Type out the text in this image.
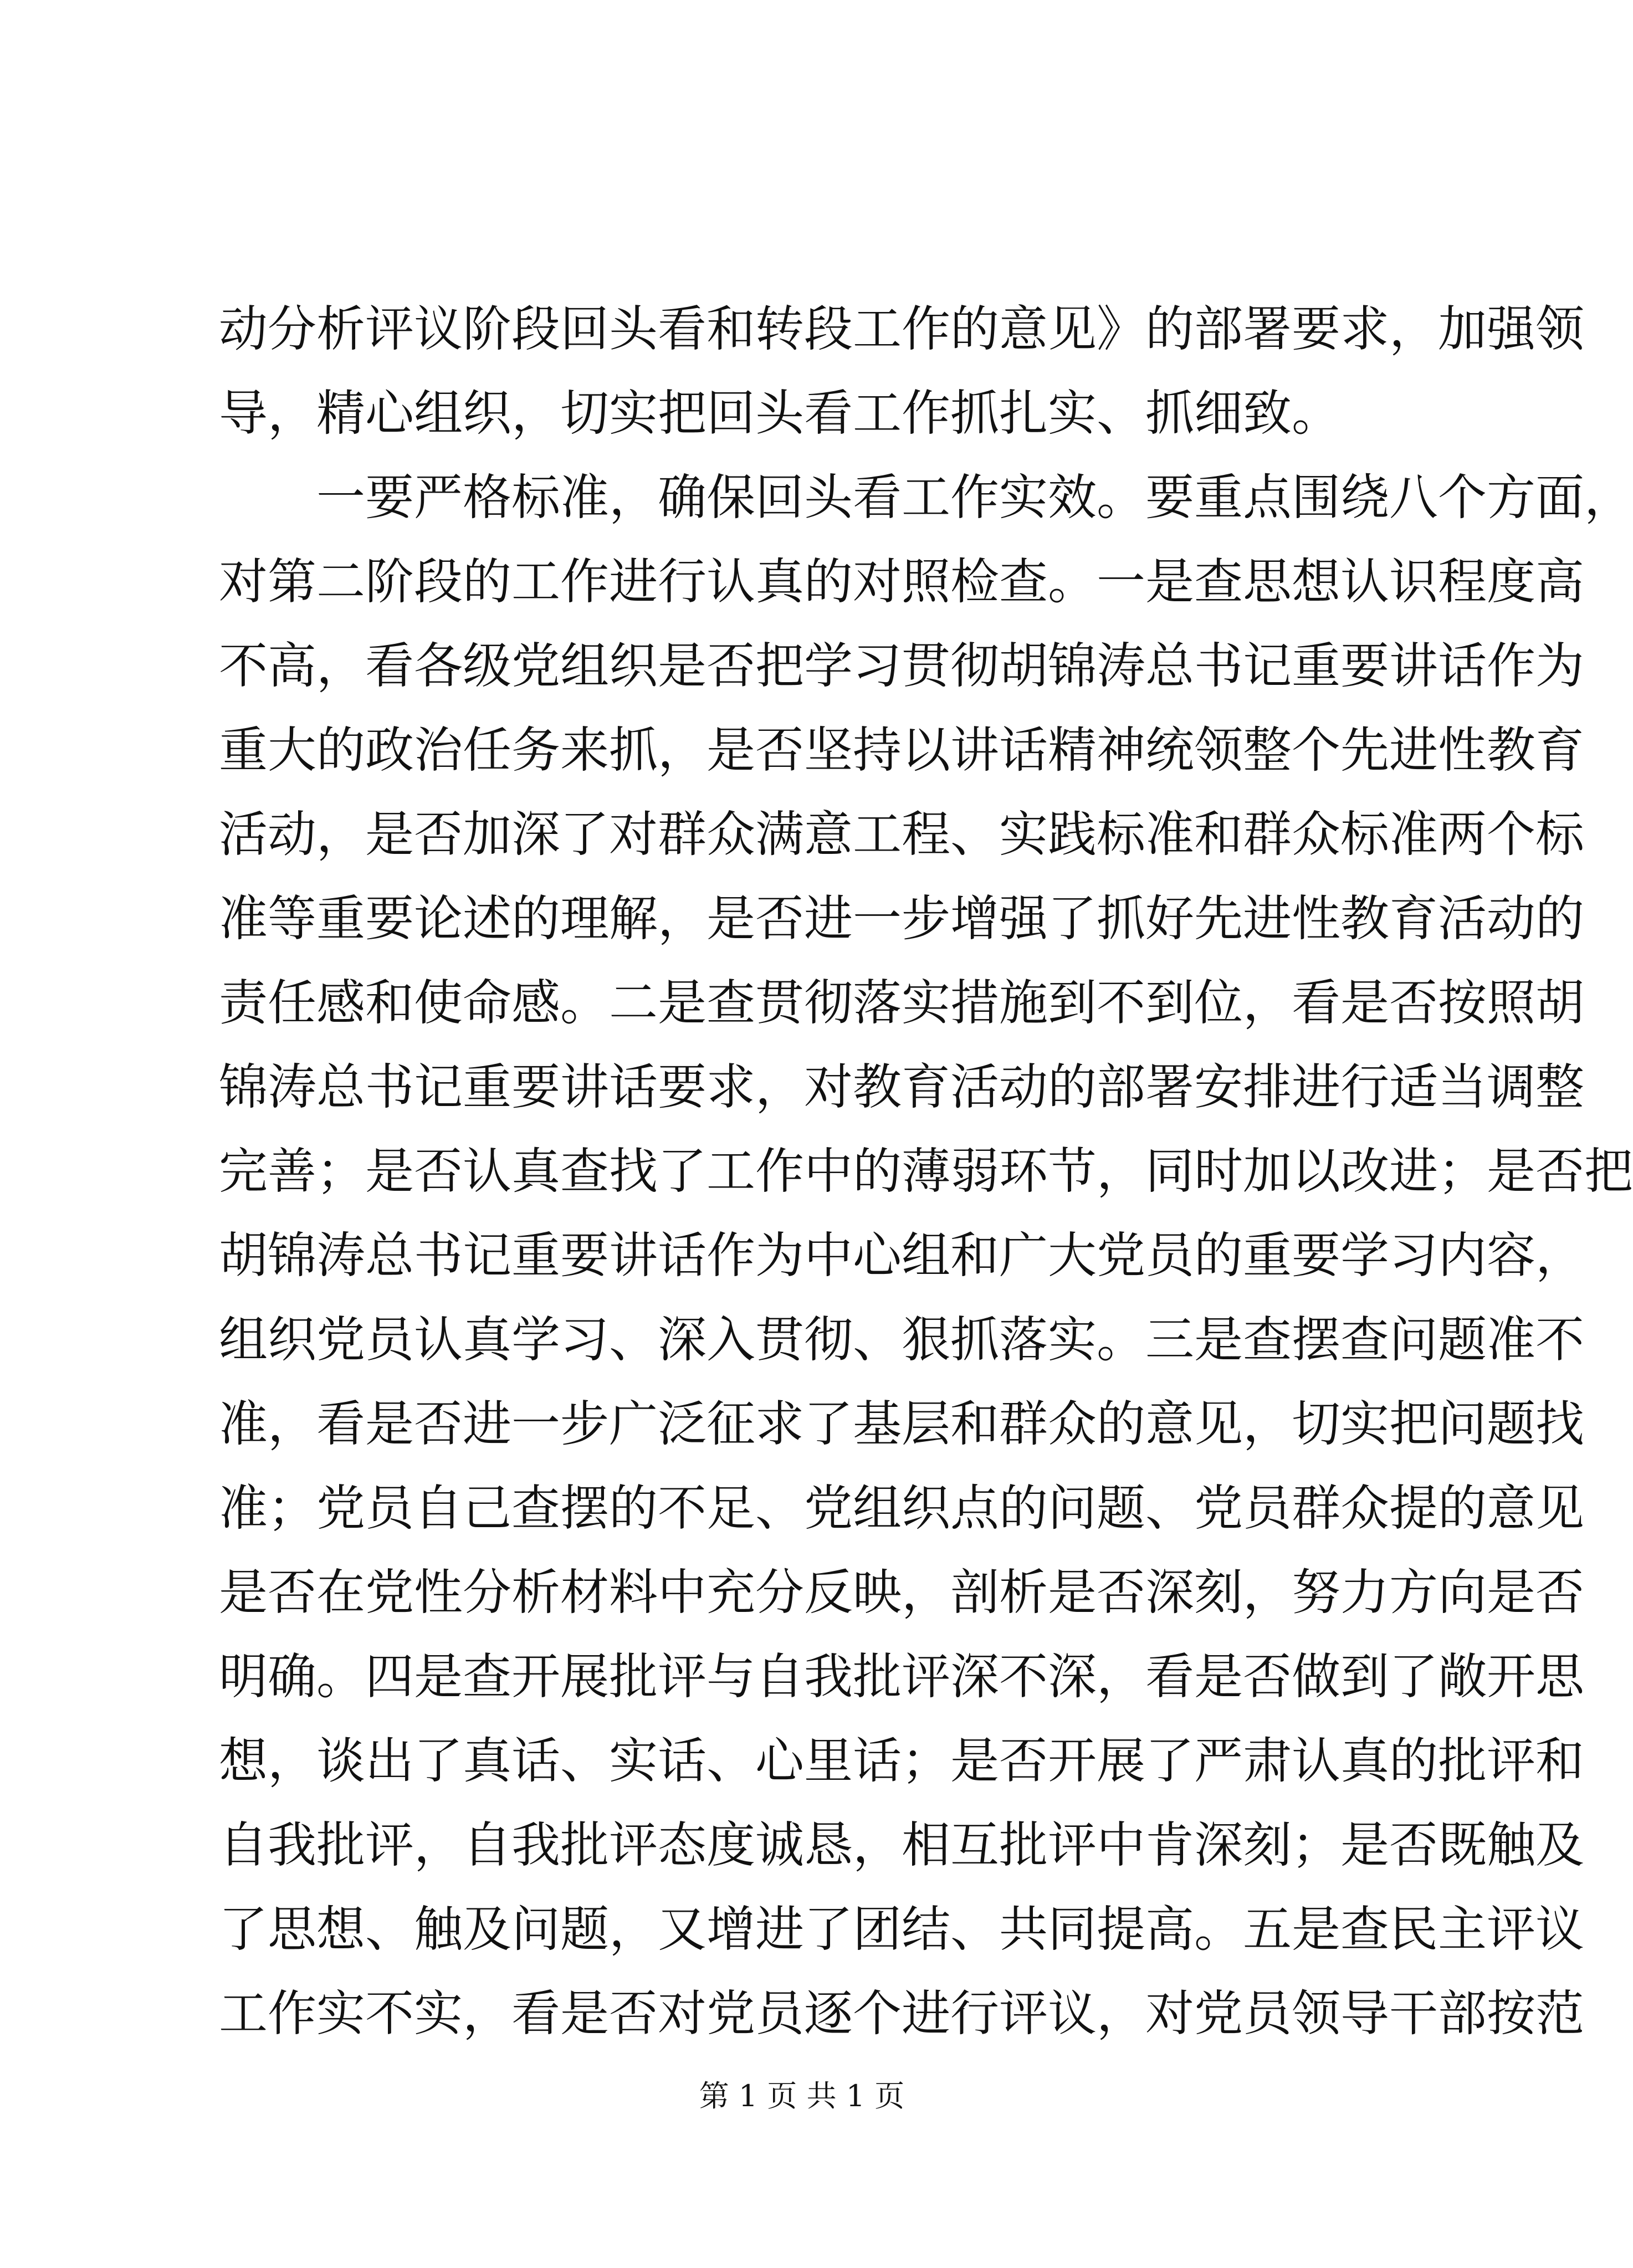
动分析评议阶段回头看和转段工作的意见》的部署要求，加强领
导，精心组织，切实把回头看工作抓扎实、抓细致。
一要严格标准，确保回头看工作实效。要重点围绕八个方面，
对第二阶段的工作进行认真的对照检查。一是查思想认识程度高
不高，看各级党组织是否把学习贯彻胡锦涛总书记重要讲话作为
重大的政治任务来抓，是否坚持以讲话精神统领整个先进性教育
活动，是否加深了对群众满意工程、实践标准和群众标准两个标
准等重要论述的理解，是否进一步增强了抓好先进性教育活动的
责任感和使命感。二是查贯彻落实措施到不到位，看是否按照胡
锦涛总书记重要讲话要求，对教育活动的部署安排进行适当调整
完善；是否认真查找了工作中的薄弱环节，同时加以改进；是否把
胡锦涛总书记重要讲话作为中心组和广大党员的重要学习内容，
组织党员认真学习、深入贯彻、狠抓落实。三是查摆查问题准不
准，看是否进一步广泛征求了基层和群众的意见，切实把问题找
准；党员自己查摆的不足、党组织点的问题、党员群众提的意见
是否在党性分析材料中充分反映，剖析是否深刻，努力方向是否
明确。四是查开展批评与自我批评深不深，看是否做到了敞开思
想，谈出了真话、实话、心里话；是否开展了严肃认真的批评和
自我批评，自我批评态度诚恳，相互批评中肯深刻；是否既触及
了思想、触及问题，又增进了团结、共同提高。五是查民主评议
工作实不实，看是否对党员逐个进行评议，对党员领导干部按范
第 1 页 共 1 页
